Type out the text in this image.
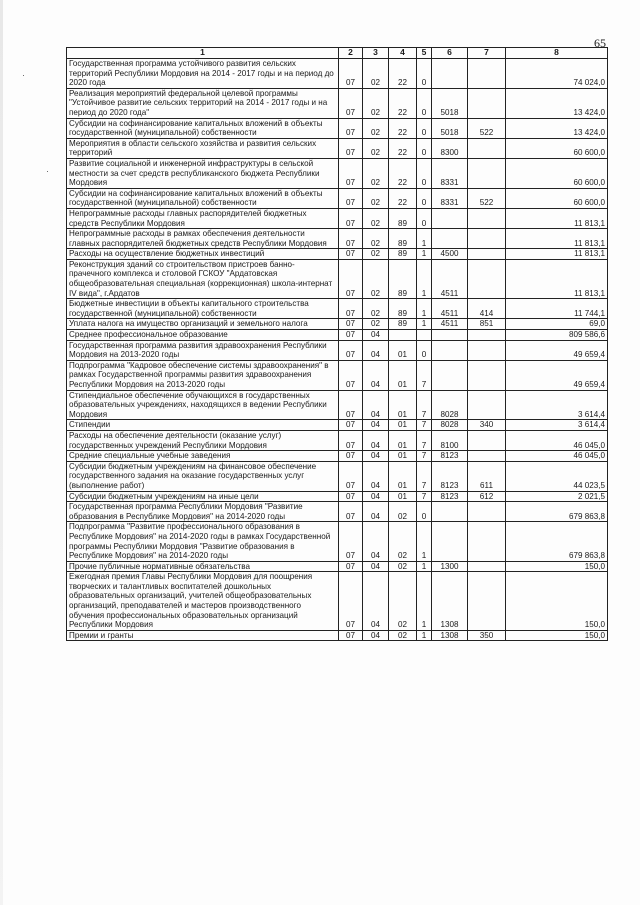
·
·
65
1	2	3	4	5	6	7	8
Государственная программа устойчивого развития сельских территорий Республики Мордовия на 2014 - 2017 годы и на период до 2020 года	07	02	22	0			74 024,0
Реализация мероприятий федеральной целевой программы "Устойчивое развитие сельских территорий на 2014 - 2017 годы и на период до 2020 года"	07	02	22	0	5018		13 424,0
Субсидии на софинансирование капитальных вложений в объекты государственной (муниципальной) собственности	07	02	22	0	5018	522	13 424,0
Мероприятия в области сельского хозяйства и развития сельских территорий	07	02	22	0	8300		60 600,0
Развитие социальной и инженерной инфраструктуры в сельской местности за счет средств республиканского бюджета Республики Мордовия	07	02	22	0	8331		60 600,0
Субсидии на софинансирование капитальных вложений в объекты государственной (муниципальной) собственности	07	02	22	0	8331	522	60 600,0
Непрограммные расходы главных распорядителей бюджетных средств Республики Мордовия	07	02	89	0			11 813,1
Непрограммные расходы в рамках обеспечения деятельности главных распорядителей бюджетных средств Республики Мордовия	07	02	89	1			11 813,1
Расходы на осуществление бюджетных инвестиций	07	02	89	1	4500		11 813,1
Реконструкция зданий со строительством пристроев банно-прачечного комплекса и столовой ГСКОУ "Ардатовская общеобразовательная специальная (коррекционная) школа-интернат IV вида", г.Ардатов	07	02	89	1	4511		11 813,1
Бюджетные инвестиции в объекты капитального строительства государственной (муниципальной) собственности	07	02	89	1	4511	414	11 744,1
Уплата налога на имущество организаций и земельного налога	07	02	89	1	4511	851	69,0
Среднее профессиональное образование	07	04					809 586,6
Государственная программа развития здравоохранения Республики Мордовия на 2013-2020 годы	07	04	01	0			49 659,4
Подпрограмма "Кадровое обеспечение системы здравоохранения" в рамках Государственной программы развития здравоохранения Республики Мордовия на 2013-2020 годы	07	04	01	7			49 659,4
Стипендиальное обеспечение обучающихся в государственных образовательных учреждениях, находящихся в ведении Республики Мордовия	07	04	01	7	8028		3 614,4
Стипендии	07	04	01	7	8028	340	3 614,4
Расходы на обеспечение деятельности (оказание услуг) государственных учреждений Республики Мордовия	07	04	01	7	8100		46 045,0
Средние специальные учебные заведения	07	04	01	7	8123		46 045,0
Субсидии бюджетным учреждениям на финансовое обеспечение государственного задания на оказание государственных услуг (выполнение работ)	07	04	01	7	8123	611	44 023,5
Субсидии бюджетным учреждениям на иные цели	07	04	01	7	8123	612	2 021,5
Государственная программа Республики Мордовия "Развитие образования в Республике Мордовия" на 2014-2020 годы	07	04	02	0			679 863,8
Подпрограмма "Развитие профессионального образования в Республике Мордовия" на 2014-2020 годы в рамках Государственной программы Республики Мордовия "Развитие образования в Республике Мордовия" на 2014-2020 годы	07	04	02	1			679 863,8
Прочие публичные нормативные обязательства	07	04	02	1	1300		150,0
Ежегодная премия Главы Республики Мордовия для поощрения творческих и талантливых воспитателей дошкольных образовательных организаций, учителей общеобразовательных организаций, преподавателей и мастеров производственного обучения профессиональных образовательных организаций Республики Мордовия	07	04	02	1	1308		150,0
Премии и гранты	07	04	02	1	1308	350	150,0
